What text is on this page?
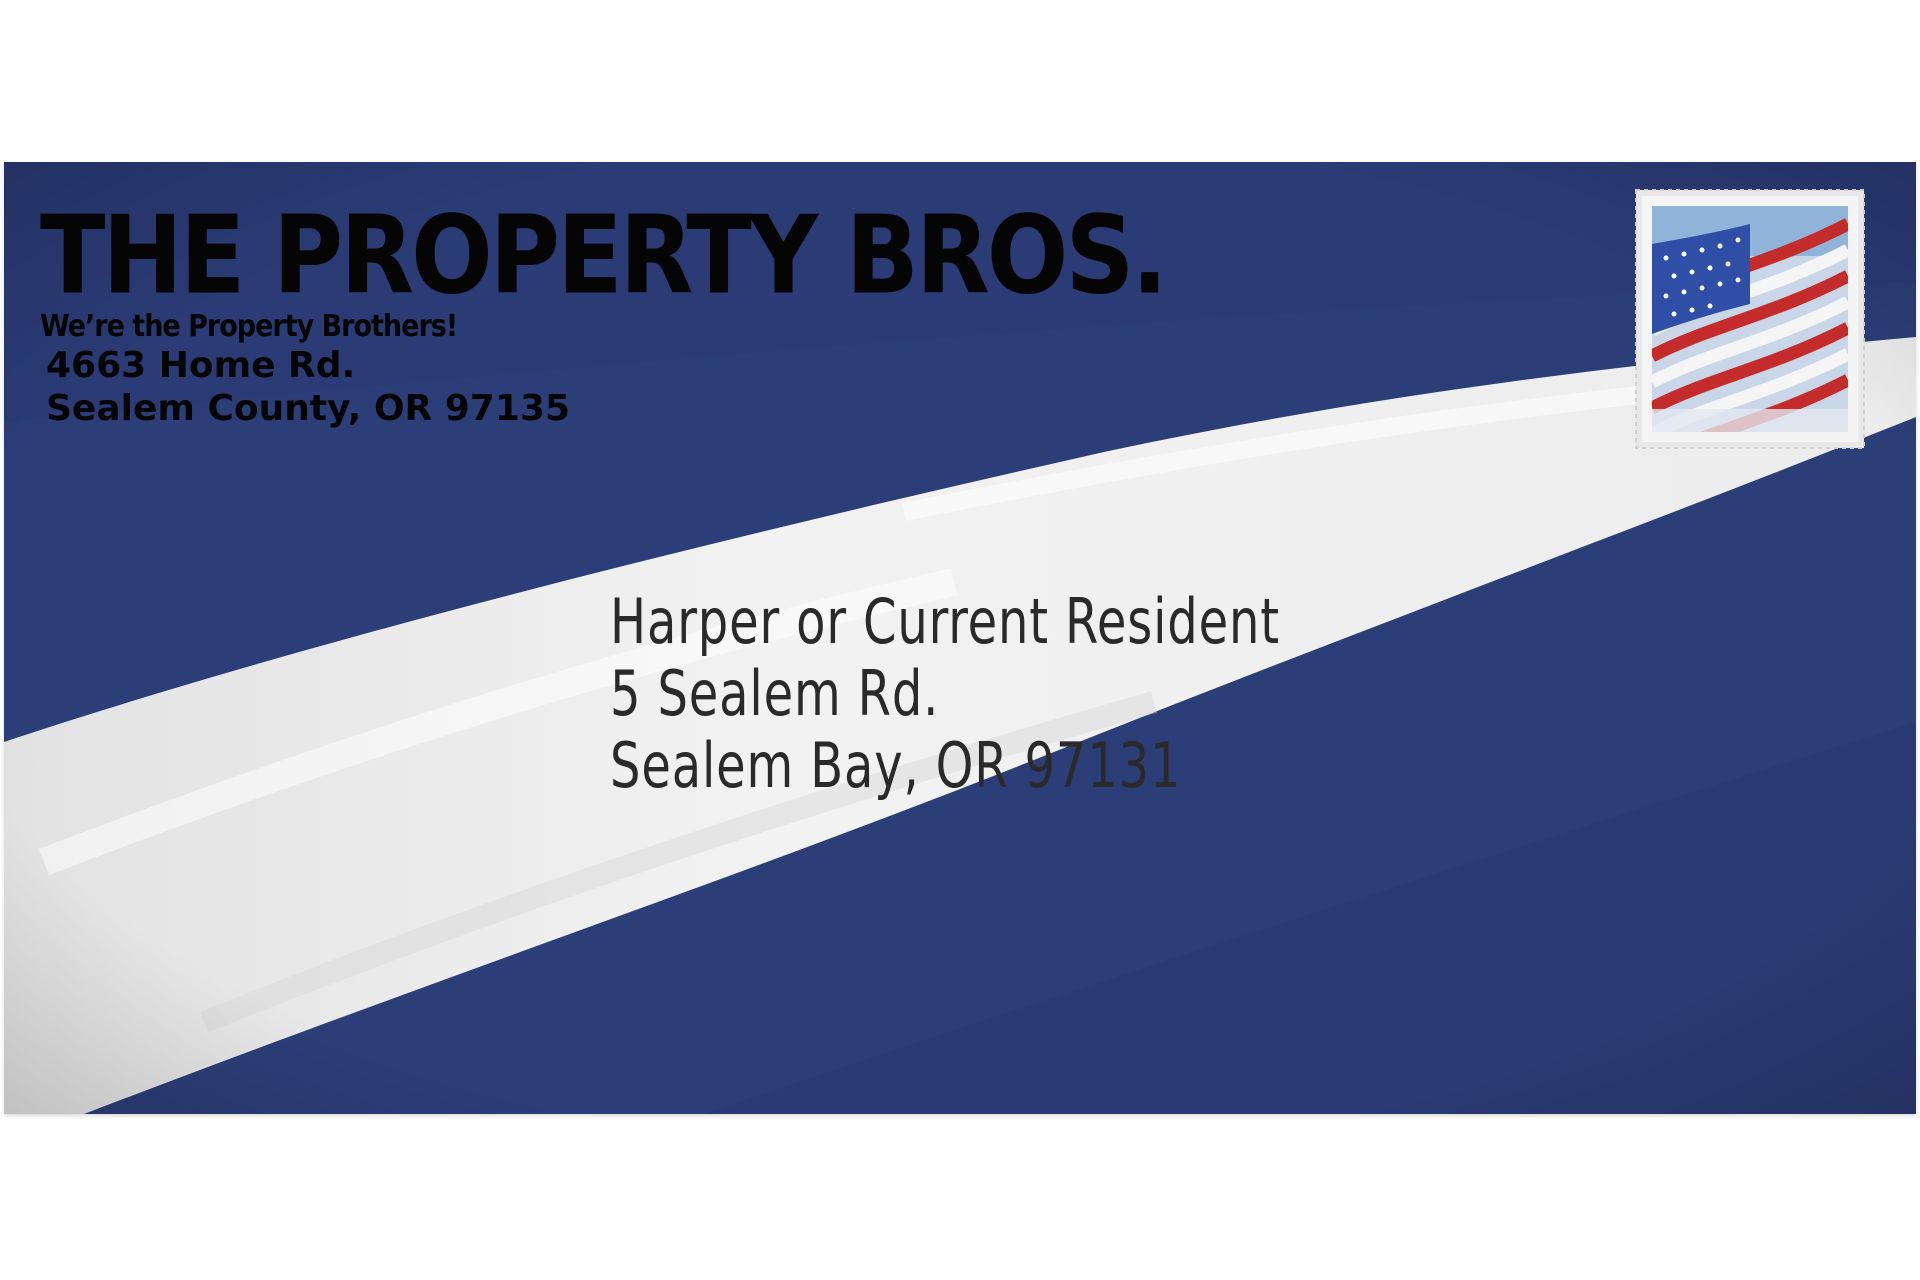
THE PROPERTY BROS.
We’re the Property Brothers!
4663 Home Rd.
Sealem County, OR 97135
Harper or Current Resident
5 Sealem Rd.
Sealem Bay, OR 97131
